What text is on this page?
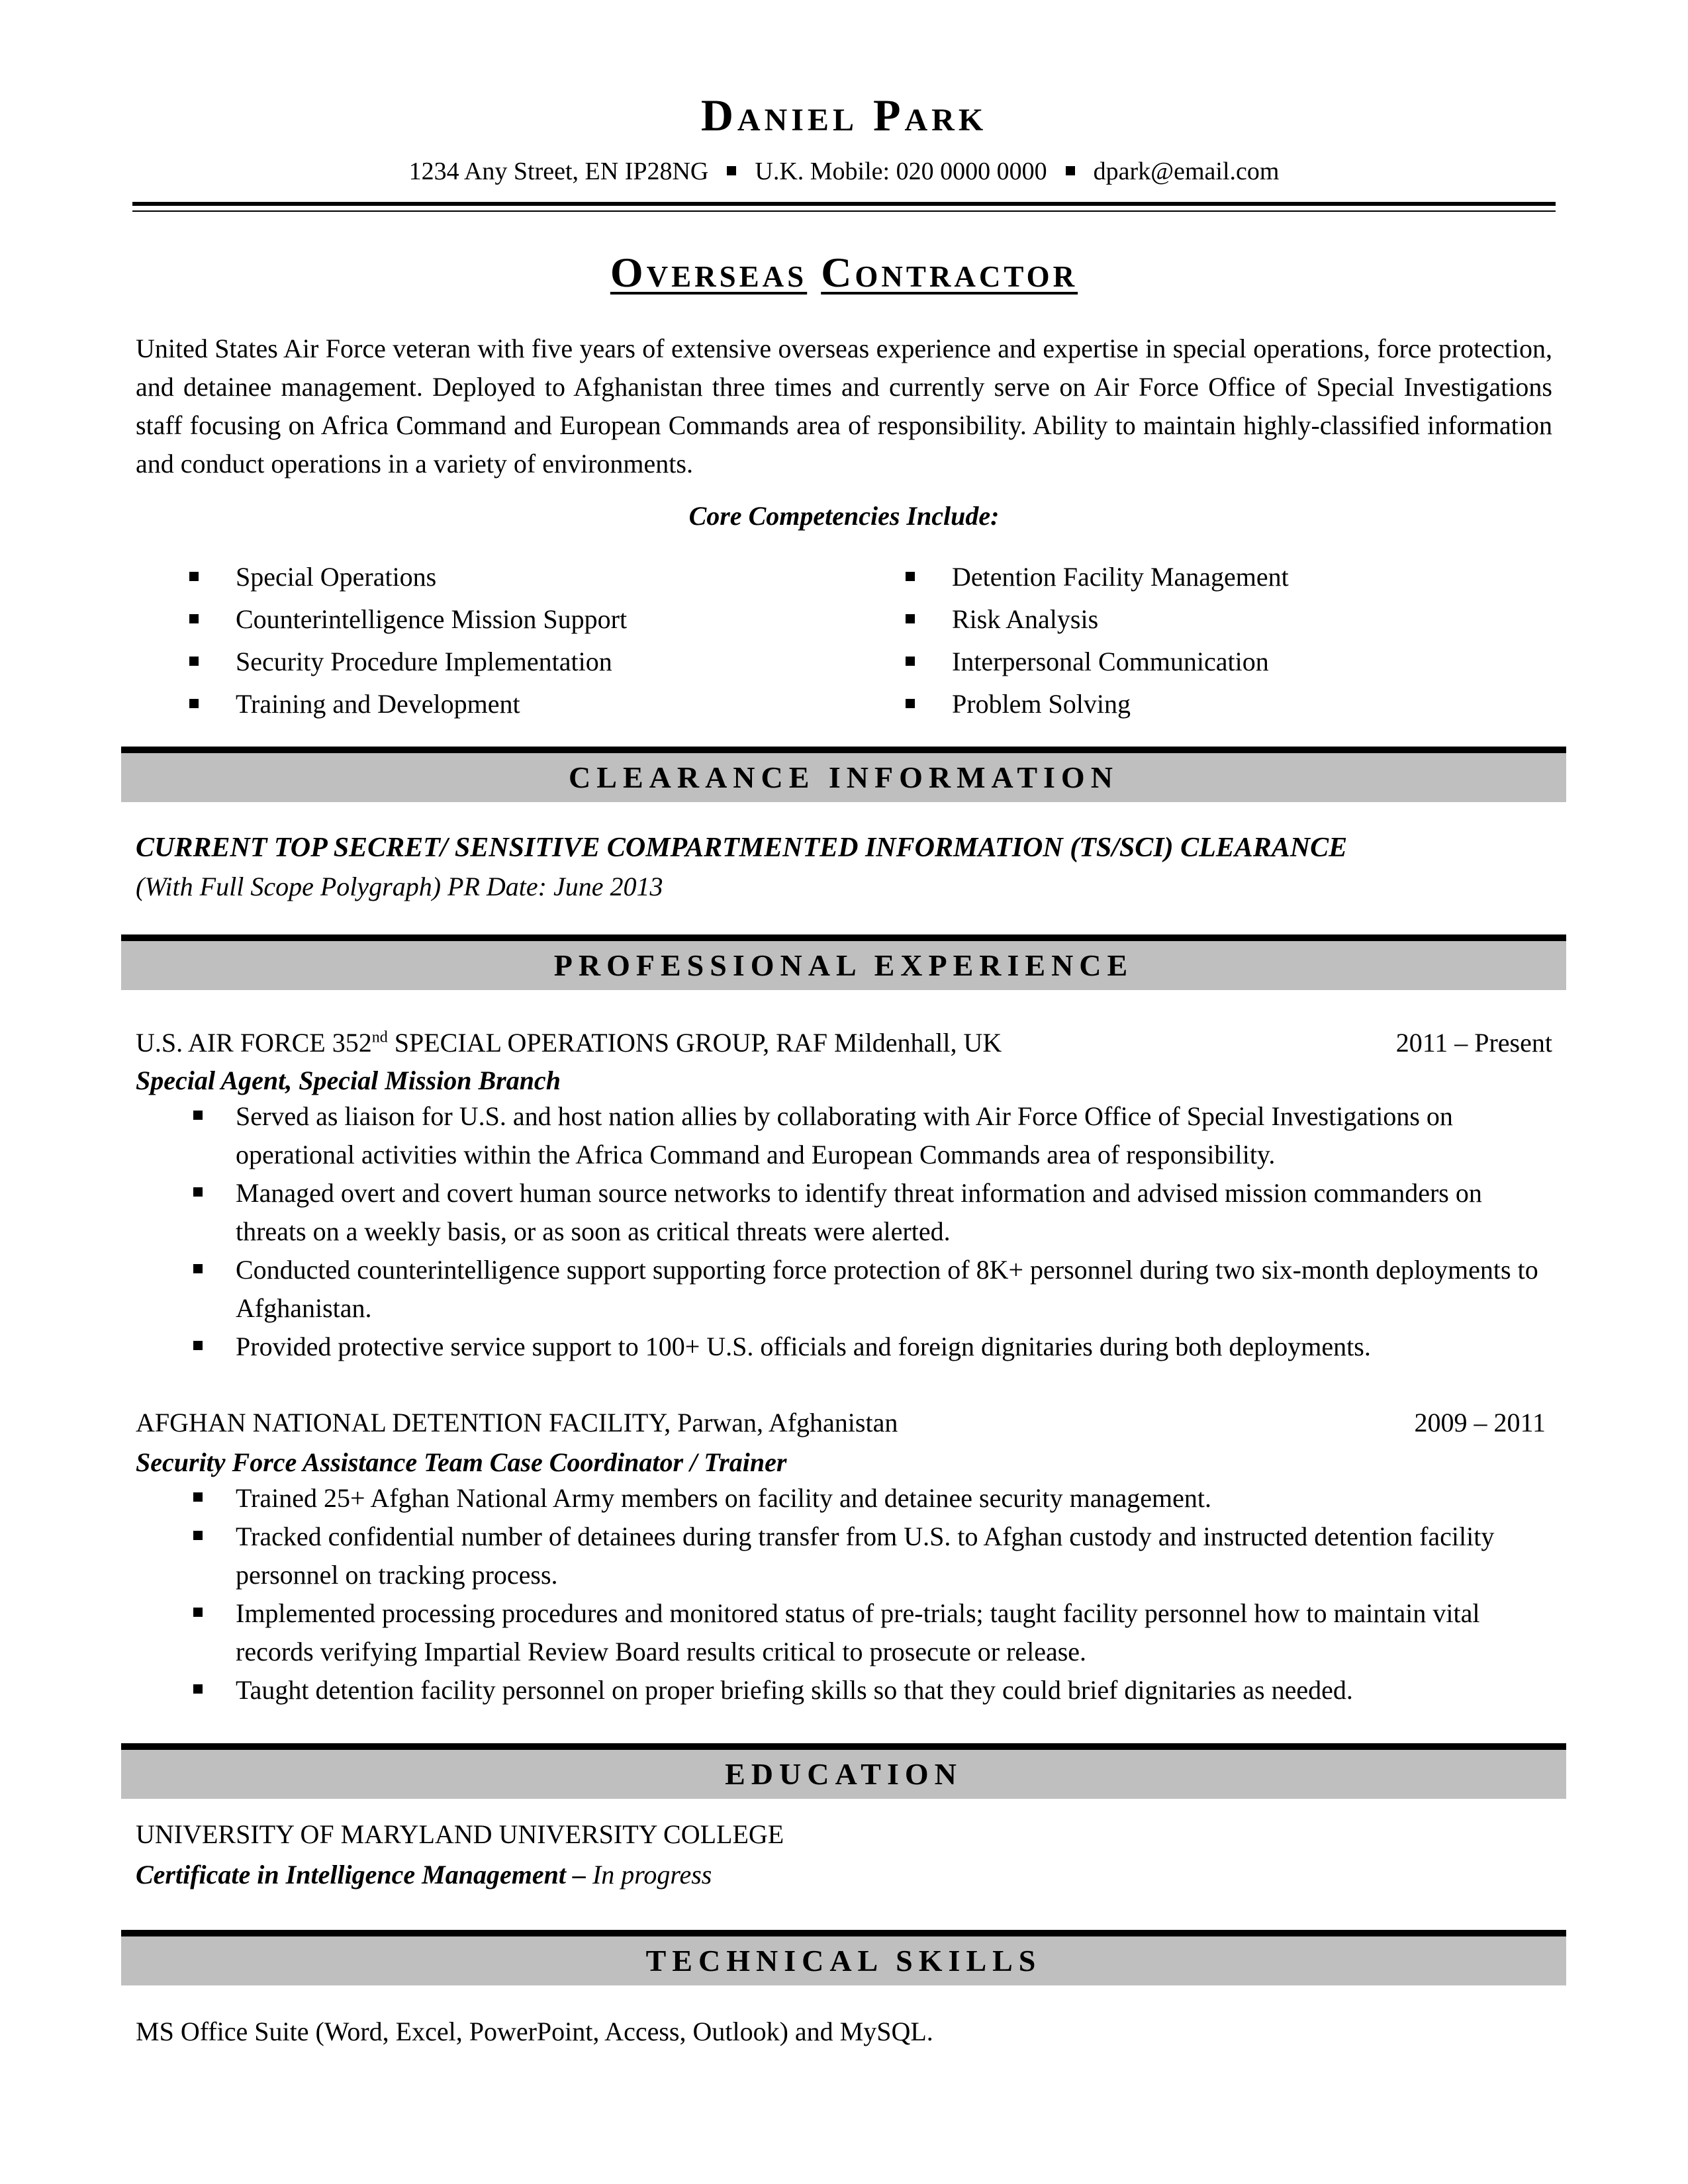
Daniel Park
1234 Any Street, EN IP28NG U.K. Mobile: 020 0000 0000 dpark@email.com
Overseas Contractor
United States Air Force veteran with five years of extensive overseas experience and expertise in special operations, force protection, and detainee management. Deployed to Afghanistan three times and currently serve on Air Force Office of Special Investigations staff focusing on Africa Command and European Commands area of responsibility. Ability to maintain highly-classified information and conduct operations in a variety of environments.
Core Competencies Include:
Special Operations
Counterintelligence Mission Support
Security Procedure Implementation
Training and Development
Detention Facility Management
Risk Analysis
Interpersonal Communication
Problem Solving
CLEARANCE INFORMATION
CURRENT TOP SECRET/ SENSITIVE COMPARTMENTED INFORMATION (TS/SCI) CLEARANCE
(With Full Scope Polygraph) PR Date: June 2013
PROFESSIONAL EXPERIENCE
U.S. AIR FORCE 352nd SPECIAL OPERATIONS GROUP, RAF Mildenhall, UK	2011 – Present
Special Agent, Special Mission Branch
Served as liaison for U.S. and host nation allies by collaborating with Air Force Office of Special Investigations on operational activities within the Africa Command and European Commands area of responsibility.
Managed overt and covert human source networks to identify threat information and advised mission commanders on threats on a weekly basis, or as soon as critical threats were alerted.
Conducted counterintelligence support supporting force protection of 8K+ personnel during two six-month deployments to Afghanistan.
Provided protective service support to 100+ U.S. officials and foreign dignitaries during both deployments.
AFGHAN NATIONAL DETENTION FACILITY, Parwan, Afghanistan	2009 – 2011
Security Force Assistance Team Case Coordinator / Trainer
Trained 25+ Afghan National Army members on facility and detainee security management.
Tracked confidential number of detainees during transfer from U.S. to Afghan custody and instructed detention facility personnel on tracking process.
Implemented processing procedures and monitored status of pre-trials; taught facility personnel how to maintain vital records verifying Impartial Review Board results critical to prosecute or release.
Taught detention facility personnel on proper briefing skills so that they could brief dignitaries as needed.
EDUCATION
UNIVERSITY OF MARYLAND UNIVERSITY COLLEGE
Certificate in Intelligence Management – In progress
TECHNICAL SKILLS
MS Office Suite (Word, Excel, PowerPoint, Access, Outlook) and MySQL.
